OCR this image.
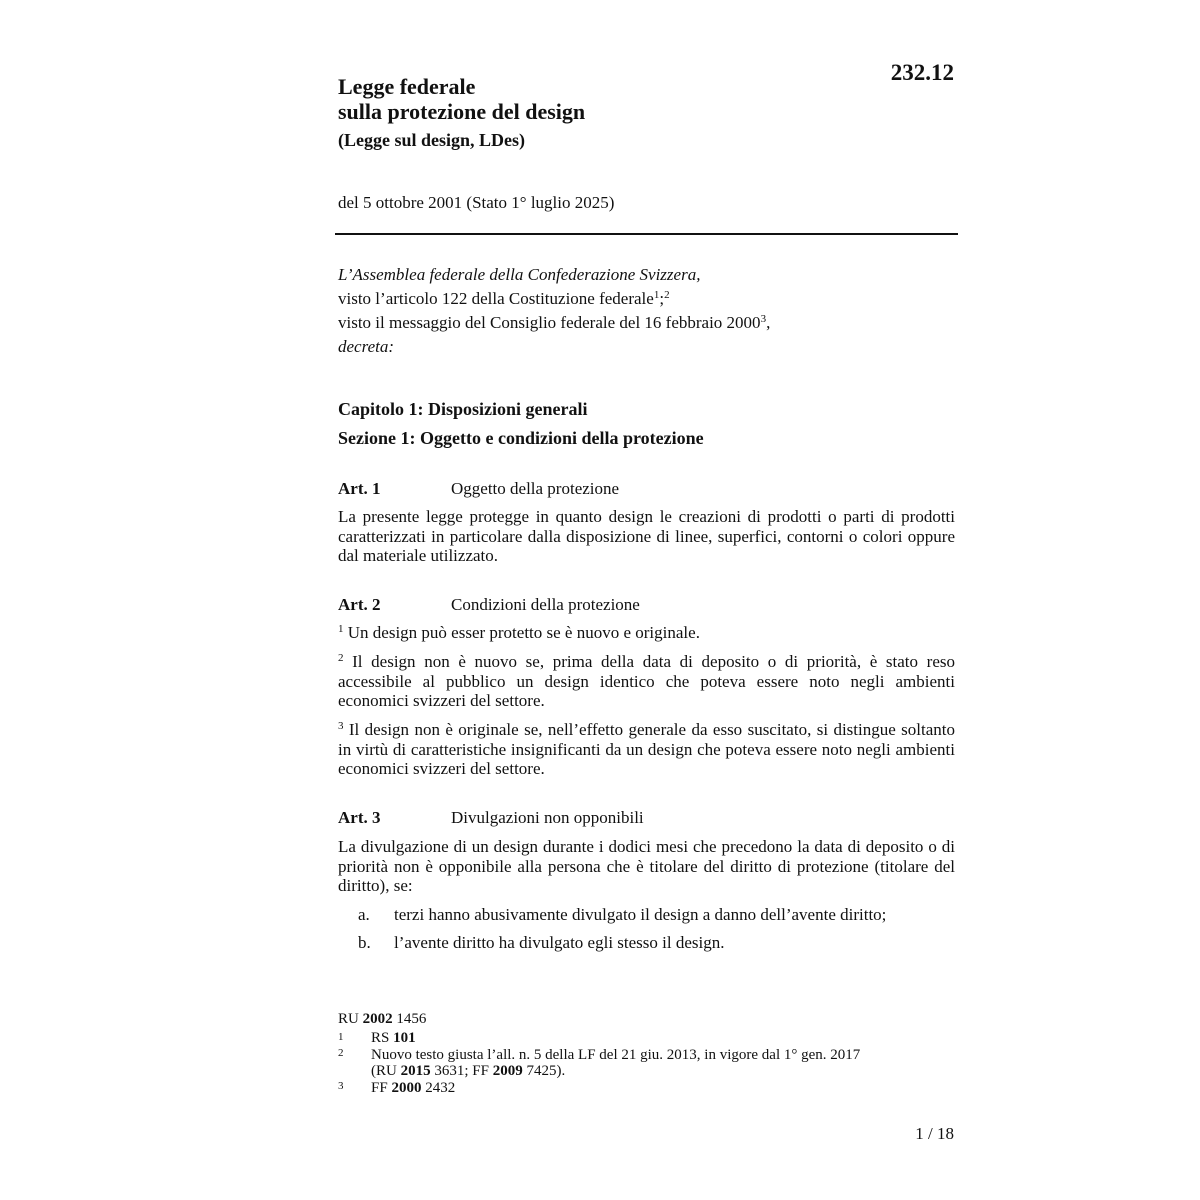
232.12
Legge federale
sulla protezione del design
(Legge sul design, LDes)
del 5 ottobre 2001 (Stato 1° luglio 2025)
L’Assemblea federale della Confederazione Svizzera,
visto l’articolo 122 della Costituzione federale$^1$;$^2$
visto il messaggio del Consiglio federale del 16 febbraio 2000$^3$,
decreta:
Capitolo 1: Disposizioni generali
Sezione 1: Oggetto e condizioni della protezione
Art. 1	Oggetto della protezione
La presente legge protegge in quanto design le creazioni di prodotti o parti di prodotti caratterizzati in particolare dalla disposizione di linee, superfici, contorni o colori oppure dal materiale utilizzato.
Art. 2	Condizioni della protezione
$^1$ Un design può esser protetto se è nuovo e originale.
$^2$ Il design non è nuovo se, prima della data di deposito o di priorità, è stato reso accessibile al pubblico un design identico che poteva essere noto negli ambienti economici svizzeri del settore.
$^3$ Il design non è originale se, nell’effetto generale da esso suscitato, si distingue soltanto in virtù di caratteristiche insignificanti da un design che poteva essere noto negli ambienti economici svizzeri del settore.
Art. 3	Divulgazioni non opponibili
La divulgazione di un design durante i dodici mesi che precedono la data di deposito o di priorità non è opponibile alla persona che è titolare del diritto di protezione (titolare del diritto), se:
a. terzi hanno abusivamente divulgato il design a danno dell’avente diritto;
b. l’avente diritto ha divulgato egli stesso il design.
RU 2002 1456
1 RS 101
2 Nuovo testo giusta l’all. n. 5 della LF del 21 giu. 2013, in vigore dal 1° gen. 2017
(RU 2015 3631; FF 2009 7425).
3 FF 2000 2432
1 / 18
